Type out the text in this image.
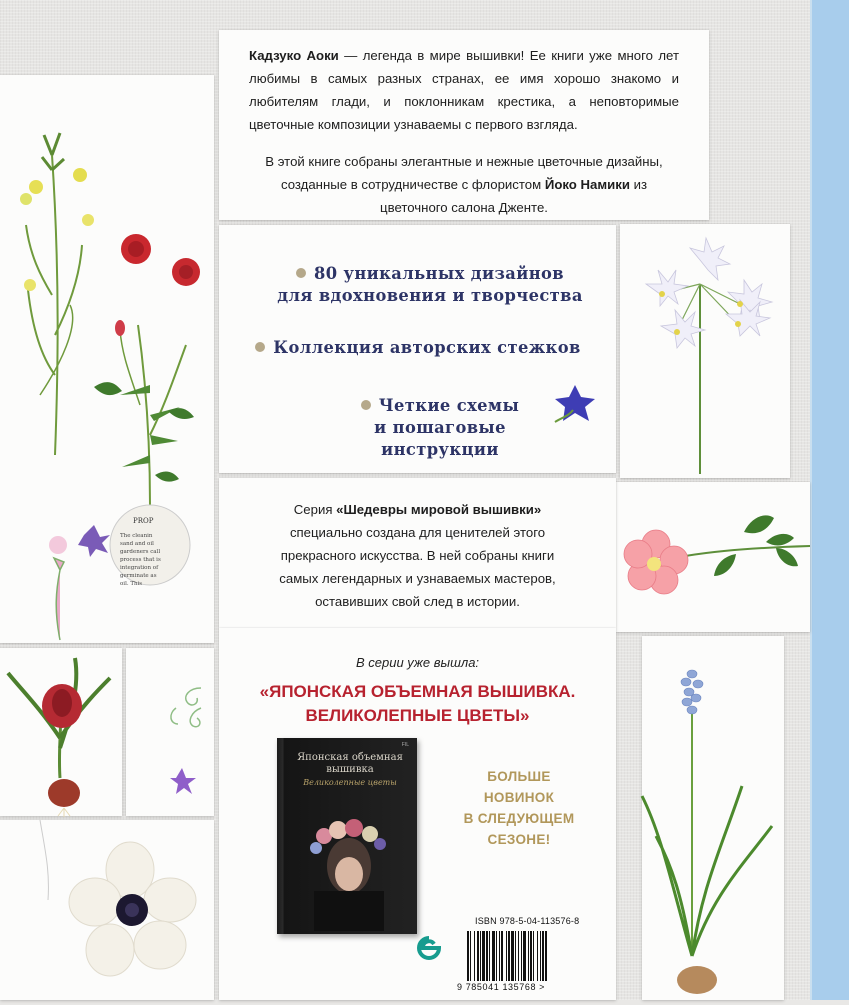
PROP
The cleanin
sand and oil
gardeners call
process that is
integration of
germinate as
oil. This

Кадзуко Аоки — легенда в мире вышивки! Ее книги уже много лет любимы в самых разных странах, ее имя хорошо знакомо и любителям глади, и поклонникам крестика, а неповторимые цветочные композиции узнаваемы с первого взгляда.

В этой книге собраны элегантные и нежные цветочные дизайны, созданные в сотрудничестве с флористом Йоко Намики из цветочного салона Дженте.

80 уникальных дизайнов
для вдохновения и творчества
Коллекция авторских стежков
Четкие схемы
и пошаговые инструкции
Серия «Шедевры мировой вышивки»
специально создана для ценителей этого прекрасного искусства. В ней собраны книги самых легендарных и узнаваемых мастеров, оставивших свой след в истории.
В серии уже вышла:
«ЯПОНСКАЯ ОБЪЕМНАЯ ВЫШИВКА.
ВЕЛИКОЛЕПНЫЕ ЦВЕТЫ»
FIL
Японская объемная вышивка
Великолепные цветы	БОЛЬШЕ
НОВИНОК
В СЛЕДУЮЩЕМ
СЕЗОНЕ!
ISBN 978-5-04-113576-8
9 785041 135768 >
